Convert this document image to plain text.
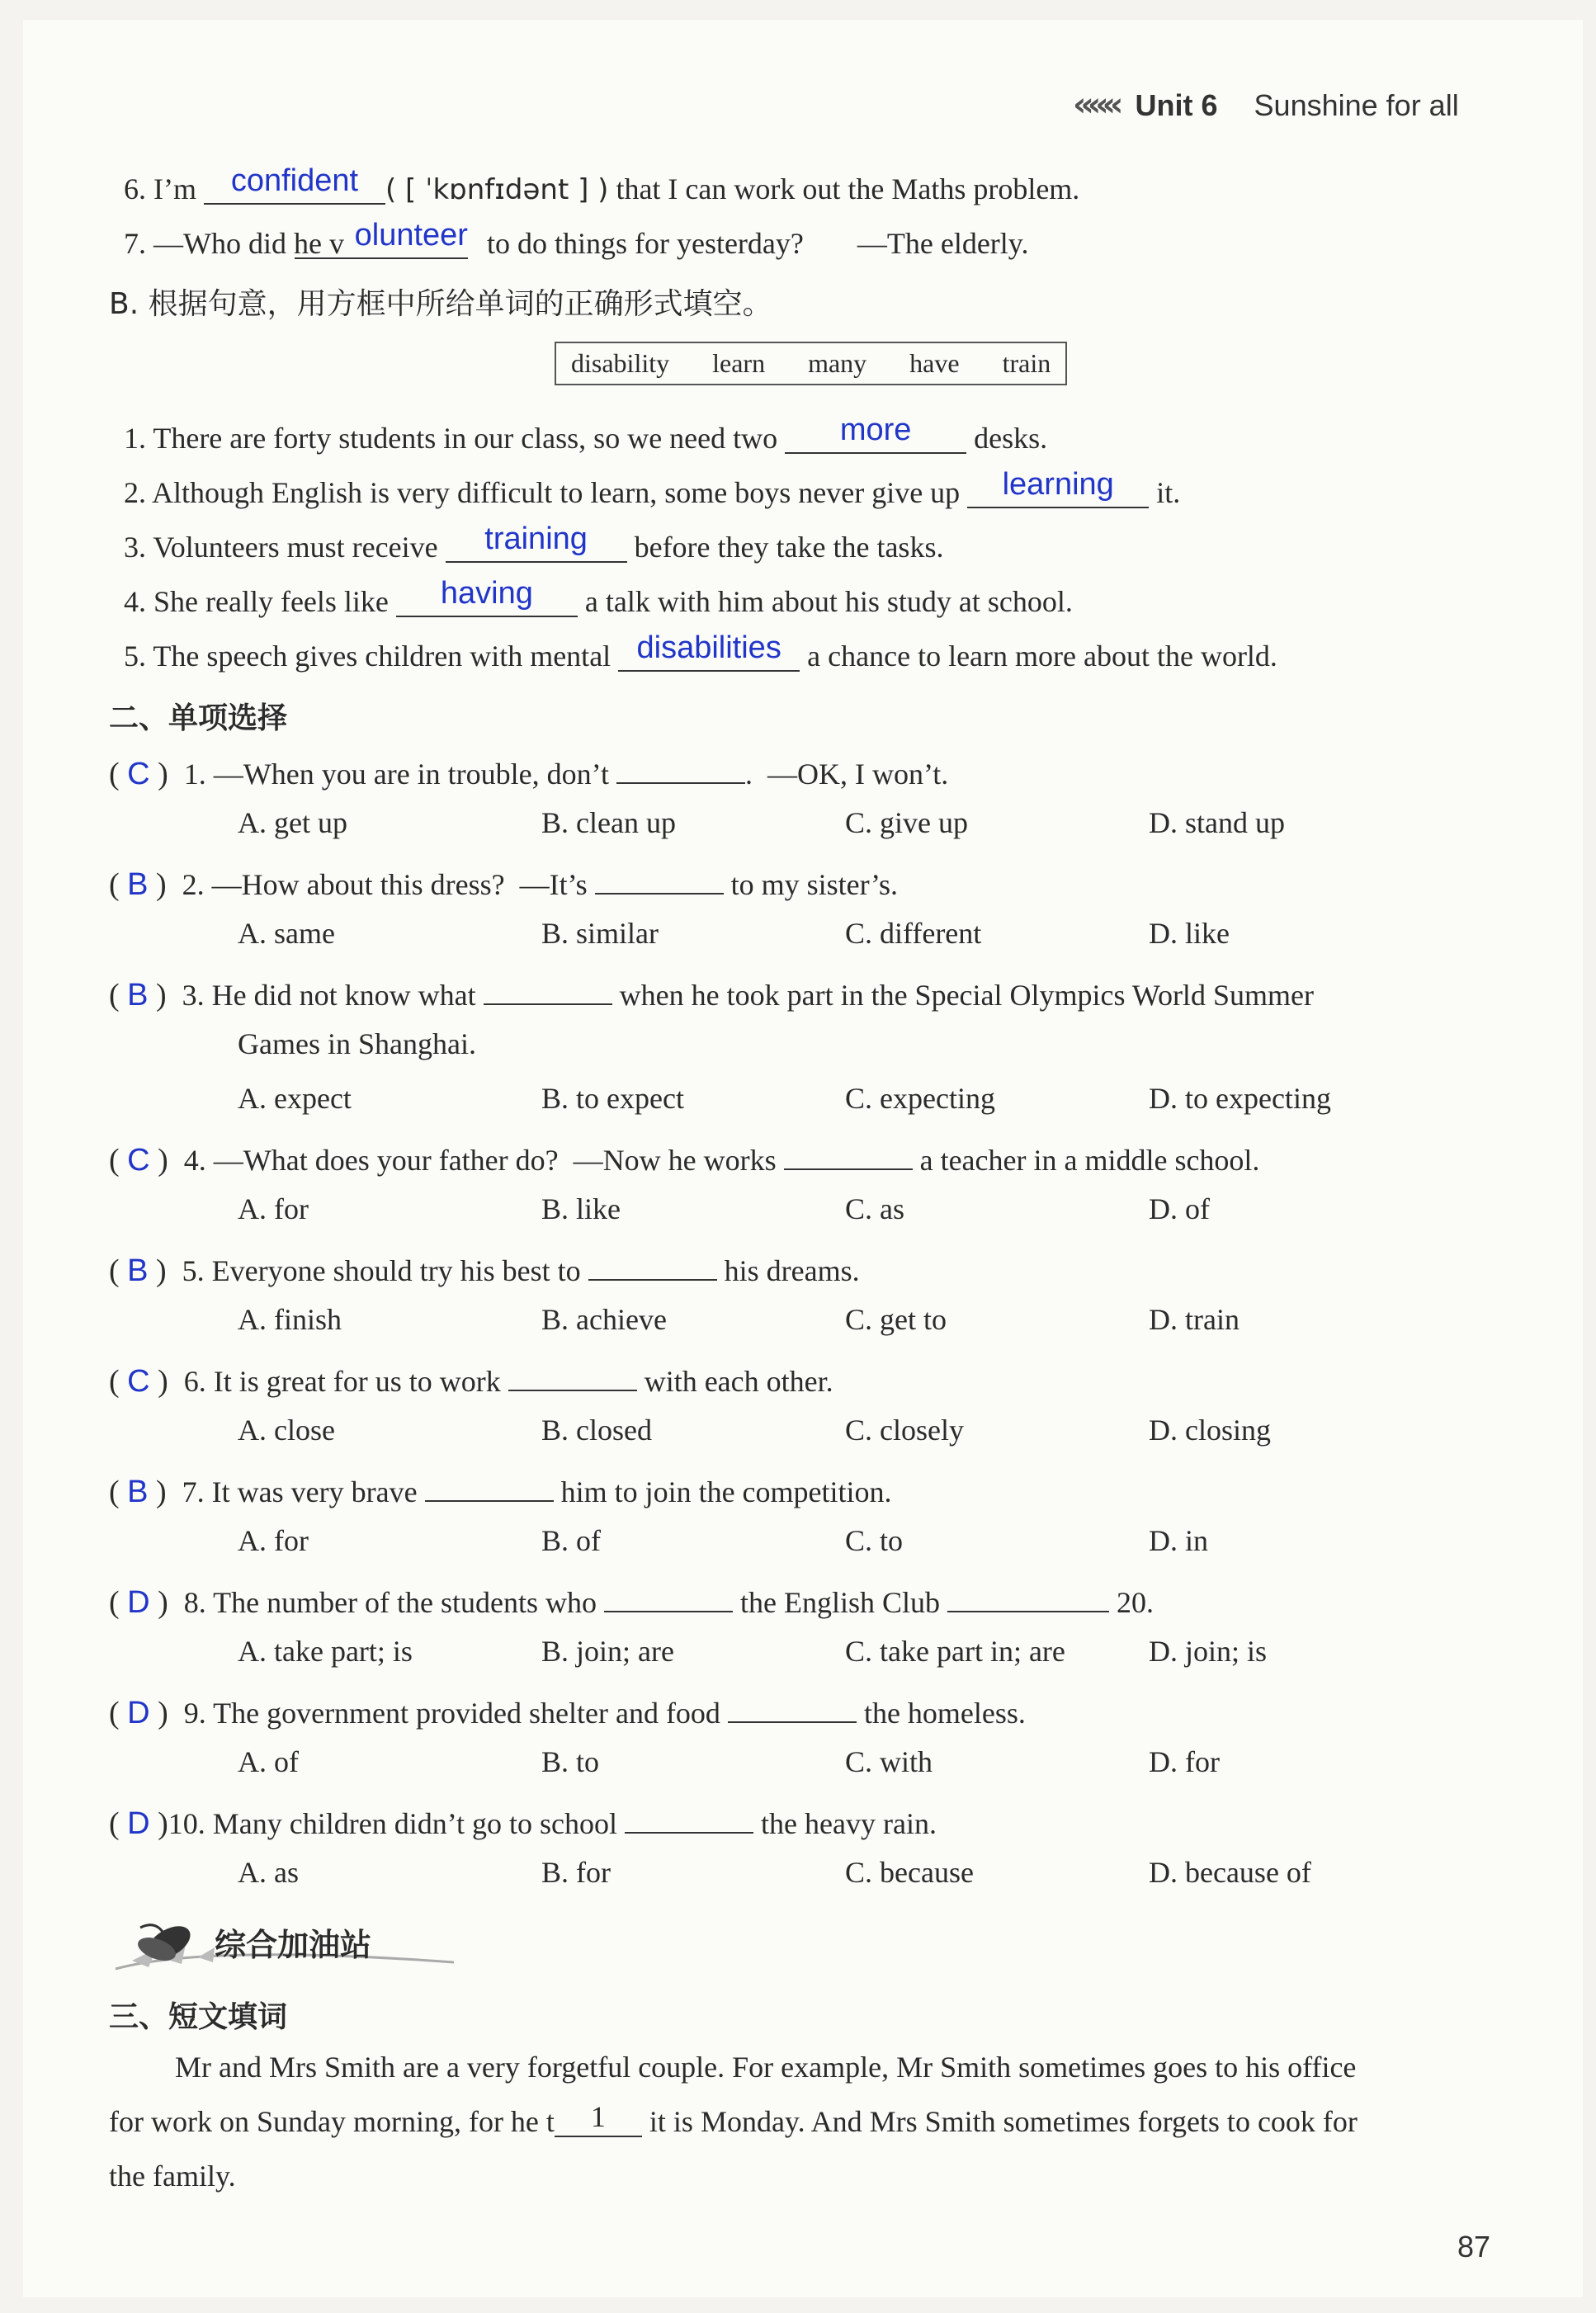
««« Unit 6 Sunshine for all
6. I’m confident ( [ ˈkɒnfɪdənt ] ) that I can work out the Maths problem.
7. —Who did he v olunteer to do things for yesterday? —The elderly.
B. 根据句意，用方框中所给单词的正确形式填空。
disability  learn  many  have  train
1. There are forty students in our class, so we need two more desks.
2. Although English is very difficult to learn, some boys never give up learning it.
3. Volunteers must receive training before they take the tasks.
4. She really feels like having a talk with him about his study at school.
5. The speech gives children with mental disabilities a chance to learn more about the world.
二、单项选择
( C ) 1. —When you are in trouble, don’t	.  —OK, I won’t.
A. get up	B. clean up	C. give up	D. stand up
( B ) 2. —How about this dress?  —It’s	to my sister’s.
A. same	B. similar	C. different	D. like
( B ) 3. He did not know what	when he took part in the Special Olympics World Summer
Games in Shanghai.
A. expect	B. to expect	C. expecting	D. to expecting
( C ) 4. —What does your father do?  —Now he works	a teacher in a middle school.
A. for	B. like	C. as	D. of
( B ) 5. Everyone should try his best to	his dreams.
A. finish	B. achieve	C. get to	D. train
( C ) 6. It is great for us to work	with each other.
A. close	B. closed	C. closely	D. closing
( B ) 7. It was very brave	him to join the competition.
A. for	B. of	C. to	D. in
( D ) 8. The number of the students who	the English Club	20.
A. take part; is	B. join; are	C. take part in; are	D. join; is
( D ) 9. The government provided shelter and food	the homeless.
A. of	B. to	C. with	D. for
( D )10. Many children didn’t go to school	the heavy rain.
A. as	B. for	C. because	D. because of
综合加油站
三、短文填词
Mr and Mrs Smith are a very forgetful couple. For example, Mr Smith sometimes goes to his office
for work on Sunday morning, for he t 1 it is Monday. And Mrs Smith sometimes forgets to cook for
the family.
87
